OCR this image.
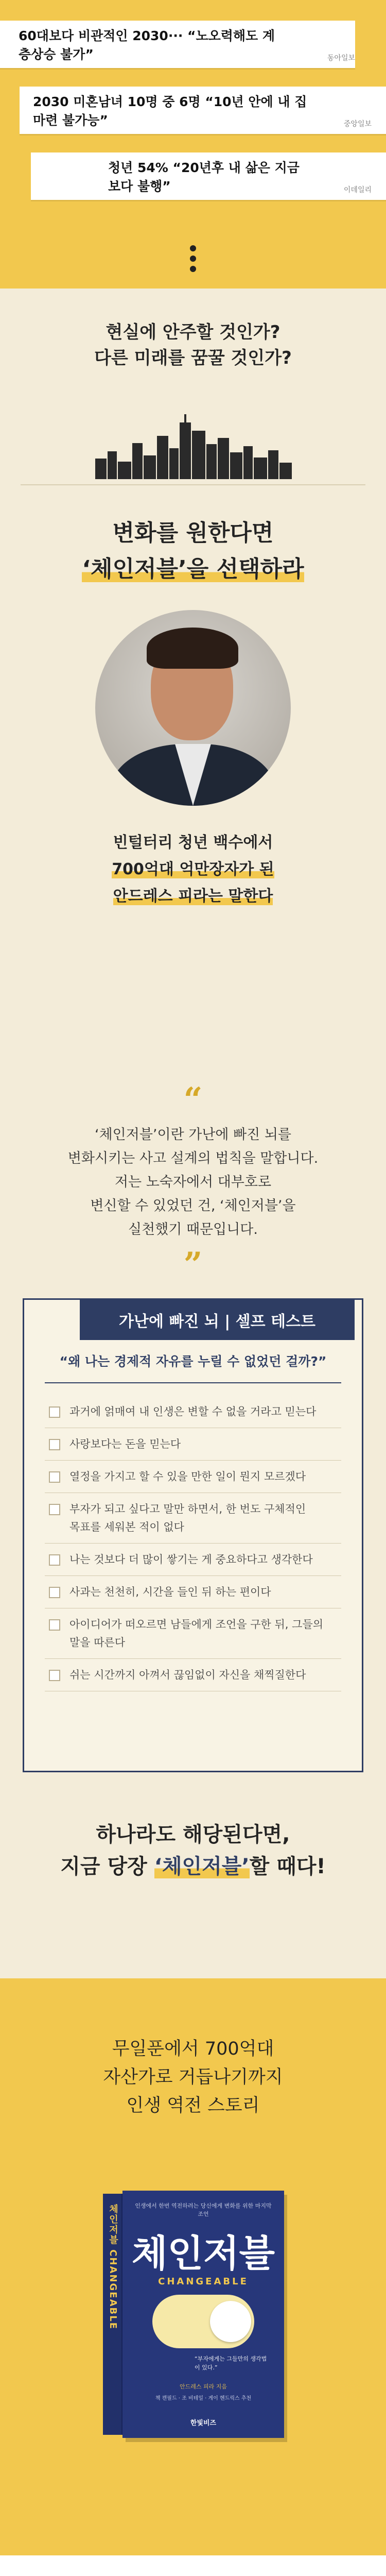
60대보다 비관적인 2030··· “노오력해도 계층상승 불가”	동아일보
2030 미혼남녀 10명 중 6명 “10년 안에 내 집 마련 불가능”	중앙일보
청년 54% “20년후 내 삶은 지금보다 불행”	이데일리
현실에 안주할 것인가?
다른 미래를 꿈꿀 것인가?
변화를 원한다면
‘체인저블’을 선택하라
빈털터리 청년 백수에서
700억대 억만장자가 된
안드레스 피라는 말한다
“
‘체인저블’이란 가난에 빠진 뇌를
변화시키는 사고 설계의 법칙을 말합니다.
저는 노숙자에서 대부호로
변신할 수 있었던 건, ‘체인저블’을
실천했기 때문입니다.
”
가난에 빠진 뇌 | 셀프 테스트
“왜 나는 경제적 자유를 누릴 수 없었던 걸까?”
과거에 얽매여 내 인생은 변할 수 없을 거라고 믿는다
사랑보다는 돈을 믿는다
열정을 가지고 할 수 있을 만한 일이 뭔지 모르겠다
부자가 되고 싶다고 말만 하면서, 한 번도 구체적인
목표를 세워본 적이 없다
나는 것보다 더 많이 쌓기는 게 중요하다고 생각한다
사과는 천천히, 시간을 들인 뒤 하는 편이다
아이디어가 떠오르면 남들에게 조언을 구한 뒤, 그들의
말을 따른다
쉬는 시간까지 아껴서 끊임없이 자신을 채찍질한다
하나라도 해당된다면,
지금 당장 ‘체인저블’할 때다!
무일푼에서 700억대
자산가로 거듭나기까지
인생 역전 스토리
체인저블 CHANGEABLE	인생에서 한번 역전하려는 당신에게 변화를 위한 마지막 조언
체인저블
CHANGEABLE
“부자에게는 그들만의 생각법이 있다.”
안드레스 피라 지음
책 캔필드 · 조 비테일 · 게이 헨드릭스 추천
한빛비즈
